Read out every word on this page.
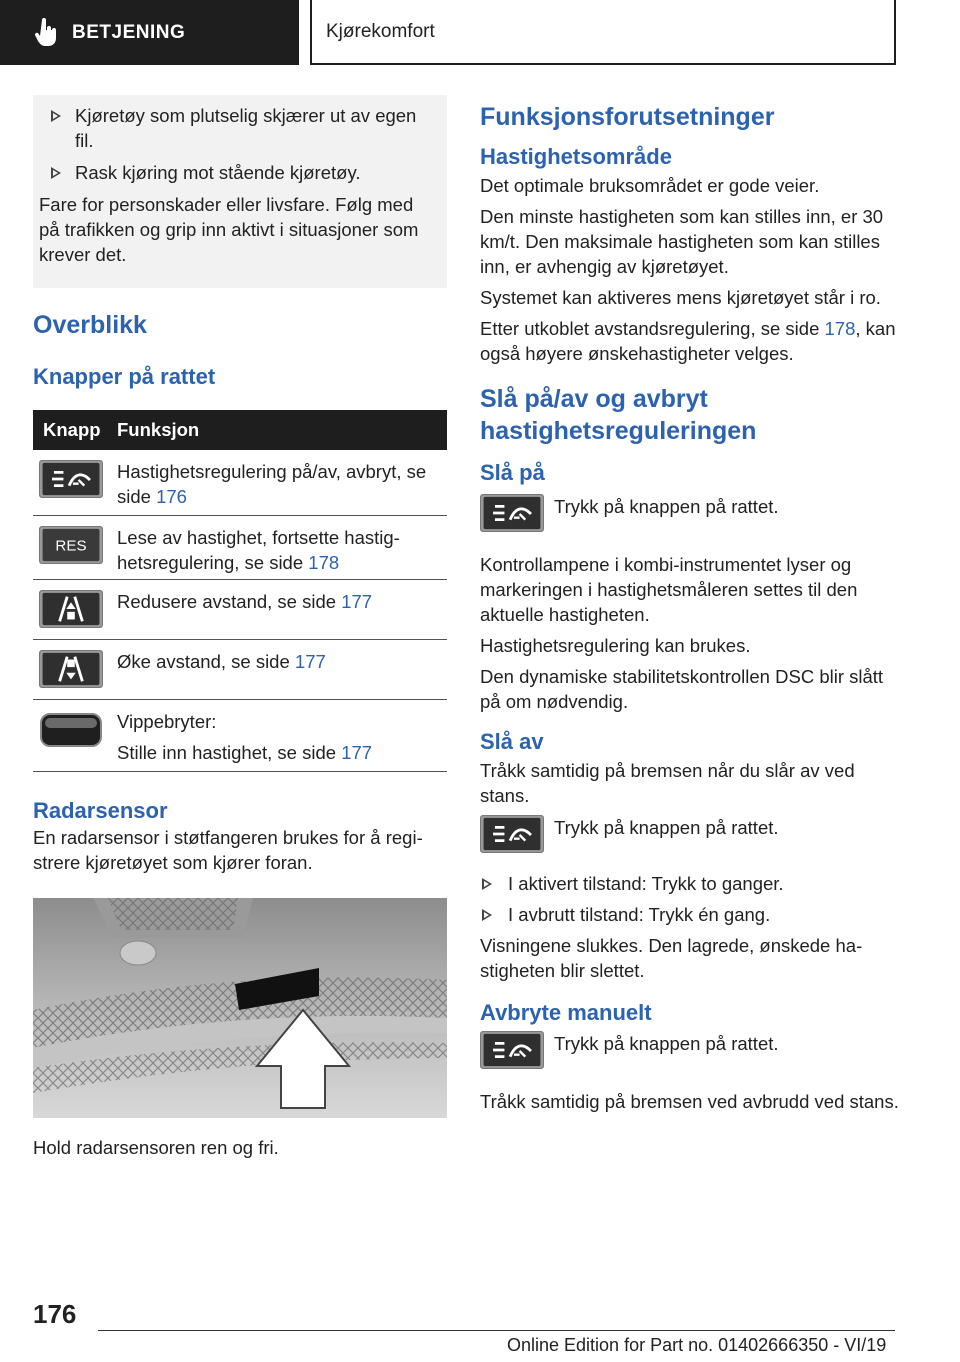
BETJENING	Kjørekomfort
Kjøretøy som plutselig skjærer ut av egen fil.
Rask kjøring mot stående kjøretøy.

Fare for personskader eller livsfare. Følg med på trafikken og grip inn aktivt i situasjoner som krever det.

Overblikk
Knapper på rattet
Knapp	Funksjon

	Hastighetsregulering på/av, avbryt, se side 176

RES	Lese av hastighet, fortsette hastighetsregulering, se side 178

	Redusere avstand, se side 177

	Øke avstand, se side 177

Vippebryter:
Stille inn hastighet, se side 177
Radarsensor

En radarsensor i støtfangeren brukes for å registrere kjøretøyet som kjører foran.

Hold radarsensoren ren og fri.

Funksjonsforutsetninger
Hastighetsområde

Det optimale bruksområdet er gode veier.

Den minste hastigheten som kan stilles inn, er 30 km/t. Den maksimale hastigheten som kan stilles inn, er avhengig av kjøretøyet.

Systemet kan aktiveres mens kjøretøyet står i ro.

Etter utkoblet avstandsregulering, se side 178, kan også høyere ønskehastigheter velges.

Slå på/av og avbryt hastighetsreguleringen
Slå på
Trykk på knappen på rattet.

Kontrollampene i kombi-instrumentet lyser og markeringen i hastighetsmåleren settes til den aktuelle hastigheten.

Hastighetsregulering kan brukes.

Den dynamiske stabilitetskontrollen DSC blir slått på om nødvendig.

Slå av

Tråkk samtidig på bremsen når du slår av ved stans.

Trykk på knappen på rattet.
I aktivert tilstand: Trykk to ganger.
I avbrutt tilstand: Trykk én gang.

Visningene slukkes. Den lagrede, ønskede hastigheten blir slettet.

Avbryte manuelt
Trykk på knappen på rattet.

Tråkk samtidig på bremsen ved avbrudd ved stans.

176
Online Edition for Part no. 01402666350 - VI/19
